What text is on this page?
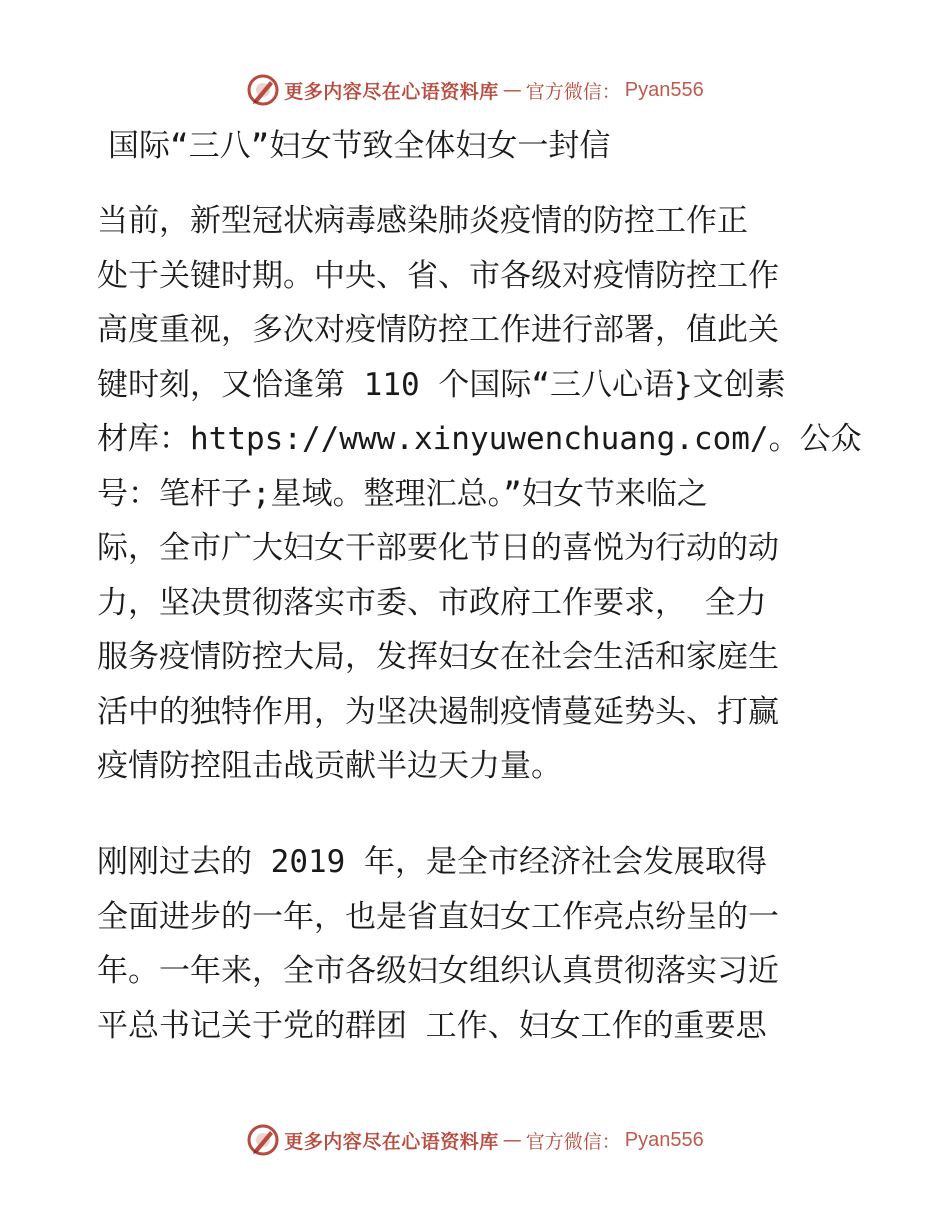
更多内容尽在心语资料库 — 官方微信： Pyan556
国际“三八”妇女节致全体妇女一封信
当前，新型冠状病毒感染肺炎疫情的防控工作正
处于关键时期。中央、省、市各级对疫情防控工作
高度重视，多次对疫情防控工作进行部署，值此关
键时刻，又恰逢第 110 个国际“三八心语}文创素
材库：https://www.xinyuwenchuang.com/。公众
号：笔杆子;星域。整理汇总。”妇女节来临之
际，全市广大妇女干部要化节日的喜悦为行动的动
力，坚决贯彻落实市委、市政府工作要求， 全力
服务疫情防控大局，发挥妇女在社会生活和家庭生
活中的独特作用，为坚决遏制疫情蔓延势头、打赢
疫情防控阻击战贡献半边天力量。
刚刚过去的 2019 年，是全市经济社会发展取得
全面进步的一年，也是省直妇女工作亮点纷呈的一
年。一年来，全市各级妇女组织认真贯彻落实习近
平总书记关于党的群团 工作、妇女工作的重要思
更多内容尽在心语资料库 — 官方微信： Pyan556
